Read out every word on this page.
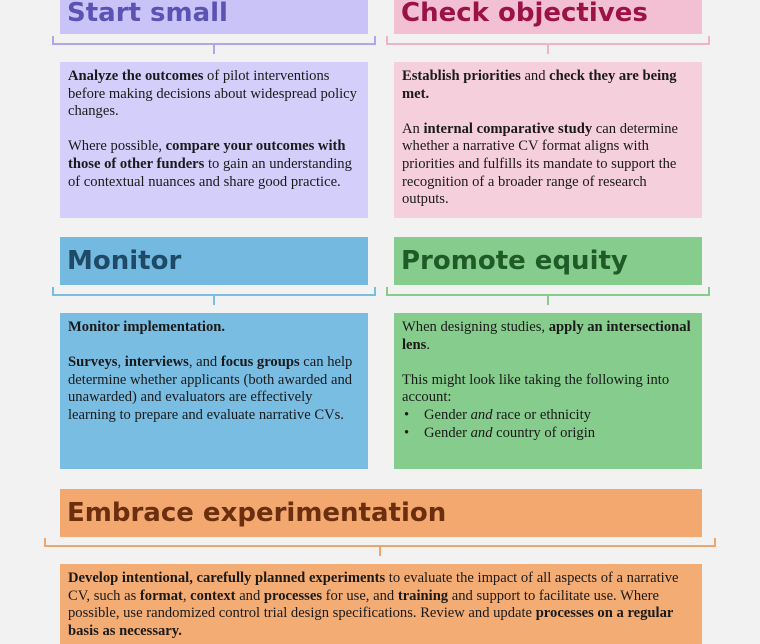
Start small

Analyze the outcomes of pilot interventions before making decisions about widespread policy changes.

Where possible, compare your outcomes with those of other funders to gain an understanding of contextual nuances and share good practice.

Check objectives

Establish priorities and check they are being met.

An internal comparative study can determine whether a narrative CV format aligns with priorities and fulfills its mandate to support the recognition of a broader range of research outputs.

Monitor

Monitor implementation.

Surveys, interviews, and focus groups can help determine whether applicants (both awarded and unawarded) and evaluators are effectively learning to prepare and evaluate narrative CVs.

Promote equity

When designing studies, apply an intersectional lens.

This might look like taking the following into account:

• Gender and race or ethnicity
• Gender and country of origin
Embrace experimentation

Develop intentional, carefully planned experiments to evaluate the impact of all aspects of a narrative CV, such as format, context and processes for use, and training and support to facilitate use. Where possible, use randomized control trial design specifications. Review and update processes on a regular basis as necessary.
